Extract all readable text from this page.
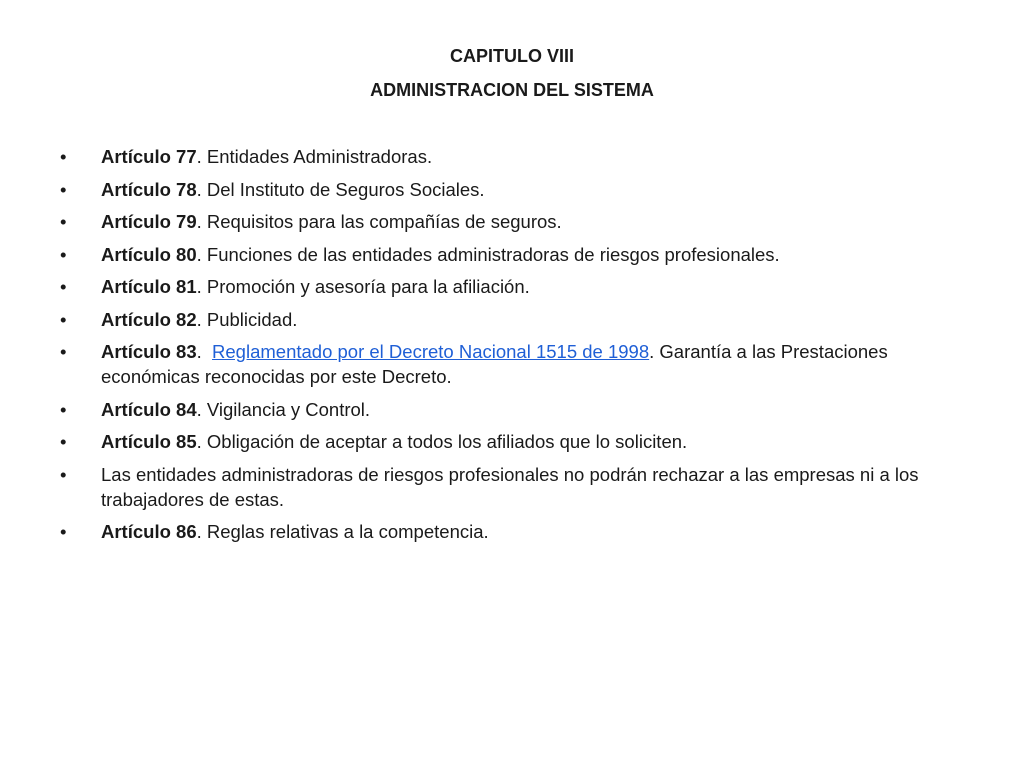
CAPITULO VIII
ADMINISTRACION DEL SISTEMA
•	Artículo 77. Entidades Administradoras.
•	Artículo 78. Del Instituto de Seguros Sociales.
•	Artículo 79. Requisitos para las compañías de seguros.
•	Artículo 80. Funciones de las entidades administradoras de riesgos profesionales.
•	Artículo 81. Promoción y asesoría para la afiliación.
•	Artículo 82. Publicidad.
•	Artículo 83.  Reglamentado por el Decreto Nacional 1515 de 1998. Garantía a las Prestaciones económicas reconocidas por este Decreto.
•	Artículo 84. Vigilancia y Control.
•	Artículo 85. Obligación de aceptar a todos los afiliados que lo soliciten.
•	Las entidades administradoras de riesgos profesionales no podrán rechazar a las empresas ni a los trabajadores de estas.
•	Artículo 86. Reglas relativas a la competencia.
